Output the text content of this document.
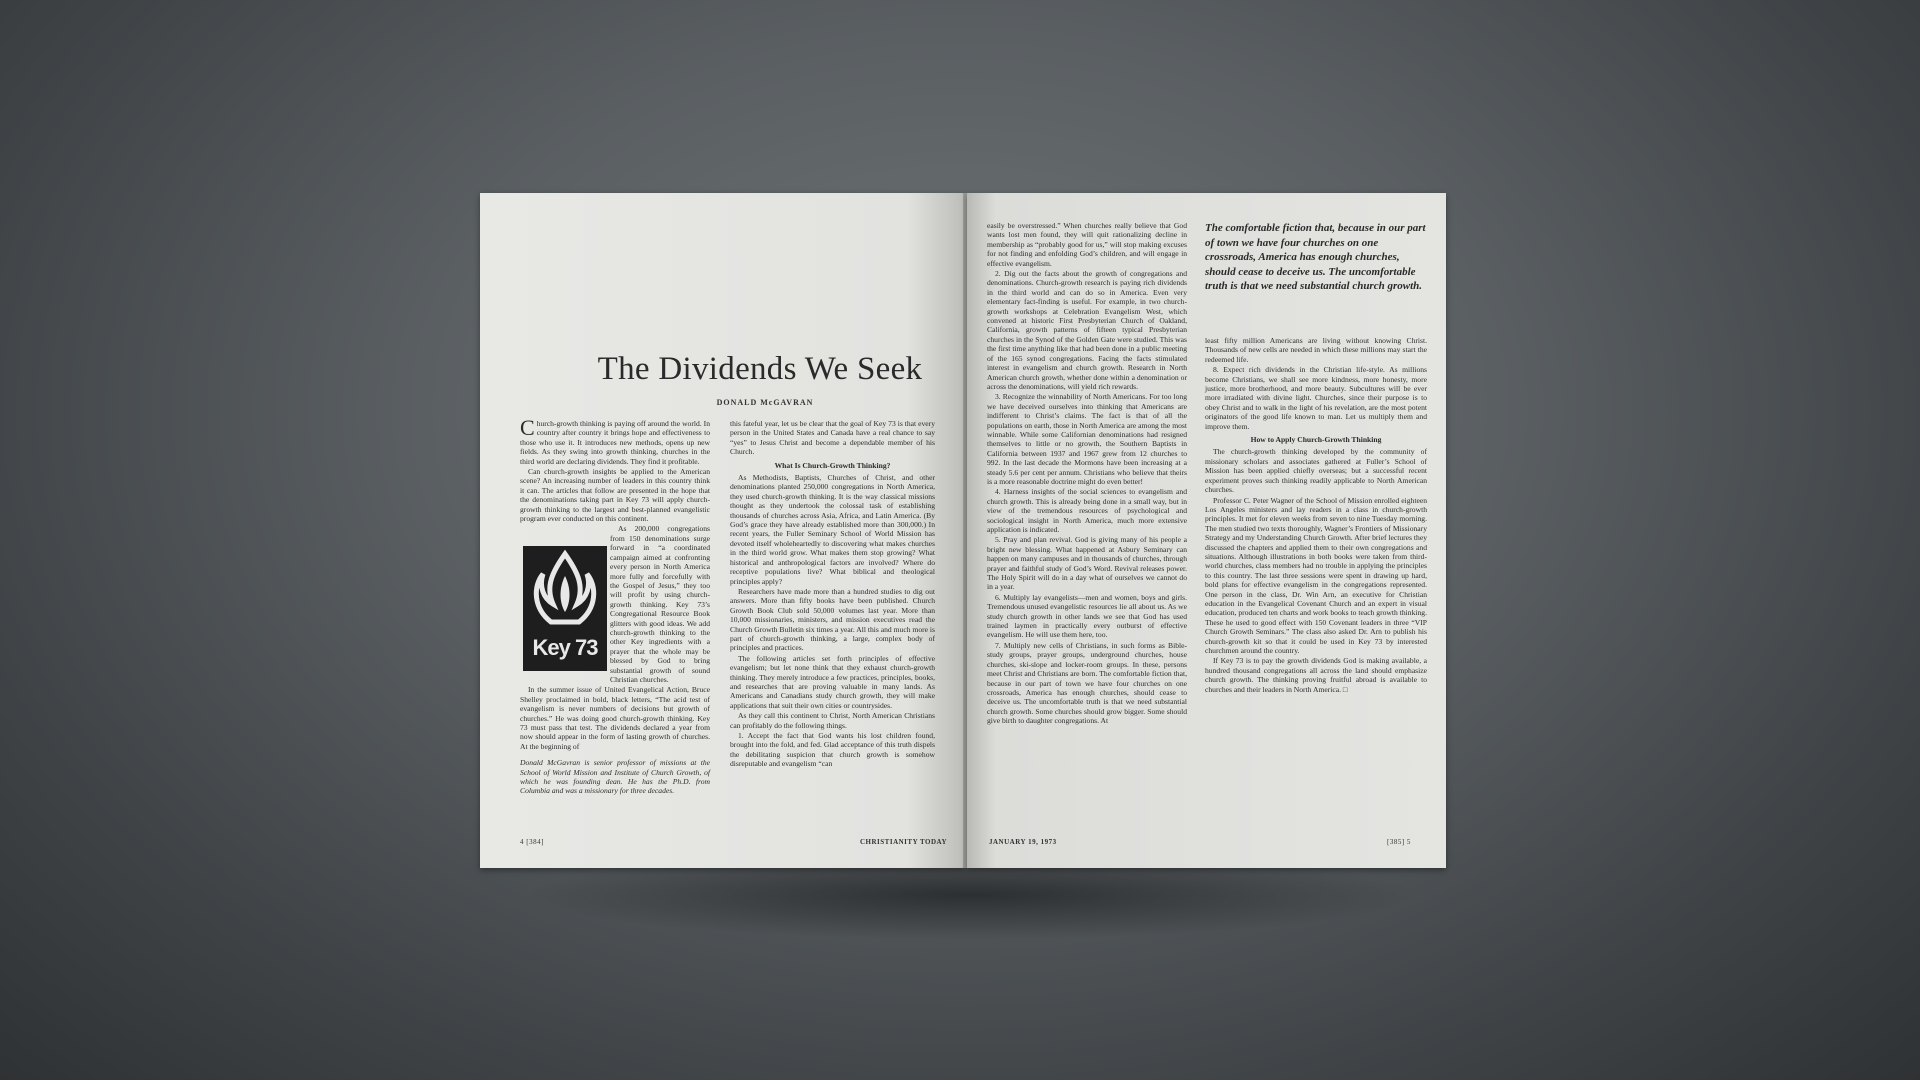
The Dividends We Seek
DONALD McGAVRAN

Church-growth thinking is paying off around the world. In country after country it brings hope and effectiveness to those who use it. It introduces new methods, opens up new fields. As they swing into growth thinking, churches in the third world are declaring dividends. They find it profitable.

Can church-growth insights be applied to the American scene? An increasing number of leaders in this country think it can. The articles that follow are presented in the hope that the denominations taking part in Key 73 will apply church-growth thinking to the largest and best-planned evangelistic program ever conducted on this continent.

As 200,000 congregations from 150 denominations surge forward in “a coordinated campaign aimed at confronting every person in North America more fully and forcefully with the Gospel of Jesus,” they too will profit by using church-growth thinking. Key 73’s Congregational Resource Book glitters with good ideas. We add church-growth thinking to the other Key ingredients with a prayer that the whole may be blessed by God to bring substantial growth of sound Christian churches.

In the summer issue of United Evangelical Action, Bruce Shelley proclaimed in bold, black letters, “The acid test of evangelism is never numbers of decisions but growth of churches.” He was doing good church-growth thinking. Key 73 must pass that test. The dividends declared a year from now should appear in the form of lasting growth of churches. At the beginning of

Donald McGavran is senior professor of missions at the School of World Mission and Institute of Church Growth, of which he was founding dean. He has the Ph.D. from Columbia and was a missionary for three decades.

Key 73

this fateful year, let us be clear that the goal of Key 73 is that every person in the United States and Canada have a real chance to say “yes” to Jesus Christ and become a dependable member of his Church.

What Is Church-Growth Thinking?

As Methodists, Baptists, Churches of Christ, and other denominations planted 250,000 congregations in North America, they used church-growth thinking. It is the way classical missions thought as they undertook the colossal task of establishing thousands of churches across Asia, Africa, and Latin America. (By God’s grace they have already established more than 300,000.) In recent years, the Fuller Seminary School of World Mission has devoted itself wholeheartedly to discovering what makes churches in the third world grow. What makes them stop growing? What historical and anthropological factors are involved? Where do receptive populations live? What biblical and theological principles apply?

Researchers have made more than a hundred studies to dig out answers. More than fifty books have been published. Church Growth Book Club sold 50,000 volumes last year. More than 10,000 missionaries, ministers, and mission executives read the Church Growth Bulletin six times a year. All this and much more is part of church-growth thinking, a large, complex body of principles and practices.

The following articles set forth principles of effective evangelism; but let none think that they exhaust church-growth thinking. They merely introduce a few practices, principles, books, and researches that are proving valuable in many lands. As Americans and Canadians study church growth, they will make applications that suit their own cities or countrysides.

As they call this continent to Christ, North American Christians can profitably do the following things.

1. Accept the fact that God wants his lost children found, brought into the fold, and fed. Glad acceptance of this truth dispels the debilitating suspicion that church growth is somehow disreputable and evangelism “can

4 [384]	CHRISTIANITY TODAY

easily be overstressed.” When churches really believe that God wants lost men found, they will quit rationalizing decline in membership as “probably good for us,” will stop making excuses for not finding and enfolding God’s children, and will engage in effective evangelism.

2. Dig out the facts about the growth of congregations and denominations. Church-growth research is paying rich dividends in the third world and can do so in America. Even very elementary fact-finding is useful. For example, in two church-growth workshops at Celebration Evangelism West, which convened at historic First Presbyterian Church of Oakland, California, growth patterns of fifteen typical Presbyterian churches in the Synod of the Golden Gate were studied. This was the first time anything like that had been done in a public meeting of the 165 synod congregations. Facing the facts stimulated interest in evangelism and church growth. Research in North American church growth, whether done within a denomination or across the denominations, will yield rich rewards.

3. Recognize the winnability of North Americans. For too long we have deceived ourselves into thinking that Americans are indifferent to Christ’s claims. The fact is that of all the populations on earth, those in North America are among the most winnable. While some Californian denominations had resigned themselves to little or no growth, the Southern Baptists in California between 1937 and 1967 grew from 12 churches to 992. In the last decade the Mormons have been increasing at a steady 5.6 per cent per annum. Christians who believe that theirs is a more reasonable doctrine might do even better!

4. Harness insights of the social sciences to evangelism and church growth. This is already being done in a small way, but in view of the tremendous resources of psychological and sociological insight in North America, much more extensive application is indicated.

5. Pray and plan revival. God is giving many of his people a bright new blessing. What happened at Asbury Seminary can happen on many campuses and in thousands of churches, through prayer and faithful study of God’s Word. Revival releases power. The Holy Spirit will do in a day what of ourselves we cannot do in a year.

6. Multiply lay evangelists—men and women, boys and girls. Tremendous unused evangelistic resources lie all about us. As we study church growth in other lands we see that God has used trained laymen in practically every outburst of effective evangelism. He will use them here, too.

7. Multiply new cells of Christians, in such forms as Bible-study groups, prayer groups, underground churches, house churches, ski-slope and locker-room groups. In these, persons meet Christ and Christians are born. The comfortable fiction that, because in our part of town we have four churches on one crossroads, America has enough churches, should cease to deceive us. The uncomfortable truth is that we need substantial church growth. Some churches should grow bigger. Some should give birth to daughter congregations. At

The comfortable fiction that, because in our part of town we have four churches on one crossroads, America has enough churches, should cease to deceive us. The uncomfortable truth is that we need substantial church growth.

least fifty million Americans are living without knowing Christ. Thousands of new cells are needed in which these millions may start the redeemed life.

8. Expect rich dividends in the Christian life-style. As millions become Christians, we shall see more kindness, more honesty, more justice, more brotherhood, and more beauty. Subcultures will be ever more irradiated with divine light. Churches, since their purpose is to obey Christ and to walk in the light of his revelation, are the most potent originators of the good life known to man. Let us multiply them and improve them.

How to Apply Church-Growth Thinking

The church-growth thinking developed by the community of missionary scholars and associates gathered at Fuller’s School of Mission has been applied chiefly overseas; but a successful recent experiment proves such thinking readily applicable to North American churches.

Professor C. Peter Wagner of the School of Mission enrolled eighteen Los Angeles ministers and lay readers in a class in church-growth principles. It met for eleven weeks from seven to nine Tuesday morning. The men studied two texts thoroughly, Wagner’s Frontiers of Missionary Strategy and my Understanding Church Growth. After brief lectures they discussed the chapters and applied them to their own congregations and situations. Although illustrations in both books were taken from third-world churches, class members had no trouble in applying the principles to this country. The last three sessions were spent in drawing up hard, bold plans for effective evangelism in the congregations represented. One person in the class, Dr. Win Arn, an executive for Christian education in the Evangelical Covenant Church and an expert in visual education, produced ten charts and work books to teach growth thinking. These he used to good effect with 150 Covenant leaders in three “VIP Church Growth Seminars.” The class also asked Dr. Arn to publish his church-growth kit so that it could be used in Key 73 by interested churchmen around the country.

If Key 73 is to pay the growth dividends God is making available, a hundred thousand congregations all across the land should emphasize church growth. The thinking proving fruitful abroad is available to churches and their leaders in North America. □

JANUARY 19, 1973	[385] 5
